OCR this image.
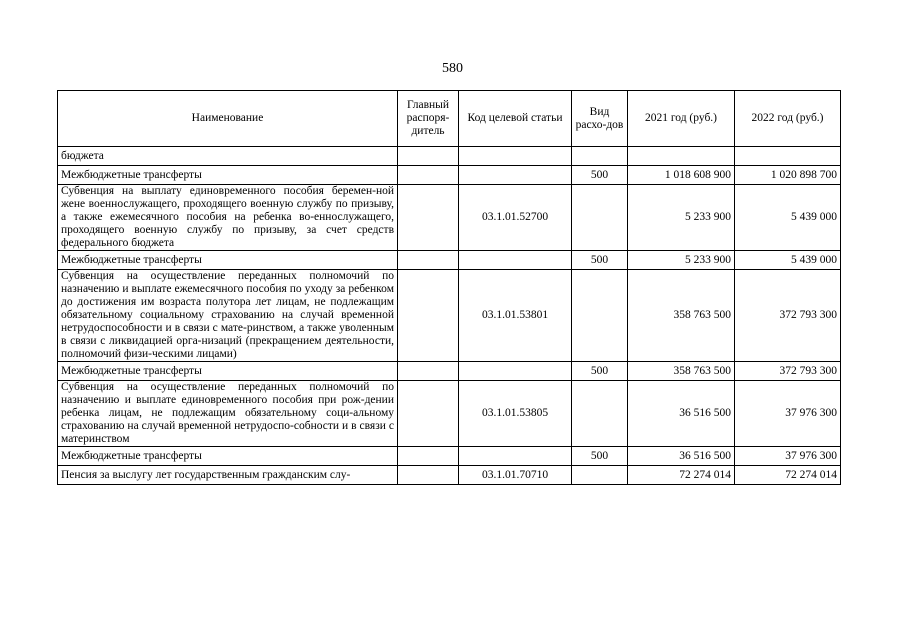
580
Наименование	Главный распоря-дитель	Код целевой статьи	Вид расхо-дов	2021 год (руб.)	2022 год (руб.)
бюджета					
Межбюджетные трансферты			500	1 018 608 900	1 020 898 700
Субвенция на выплату единовременного пособия беремен-ной жене военнослужащего, проходящего военную службу по призыву, а также ежемесячного пособия на ребенка во-еннослужащего, проходящего военную службу по призыву, за счет средств федерального бюджета		03.1.01.52700		5 233 900	5 439 000
Межбюджетные трансферты			500	5 233 900	5 439 000
Субвенция на осуществление переданных полномочий по назначению и выплате ежемесячного пособия по уходу за ребенком до достижения им возраста полутора лет лицам, не подлежащим обязательному социальному страхованию на случай временной нетрудоспособности и в связи с мате-ринством, а также уволенным в связи с ликвидацией орга-низаций (прекращением деятельности, полномочий физи-ческими лицами)		03.1.01.53801		358 763 500	372 793 300
Межбюджетные трансферты			500	358 763 500	372 793 300
Субвенция на осуществление переданных полномочий по назначению и выплате единовременного пособия при рож-дении ребенка лицам, не подлежащим обязательному соци-альному страхованию на случай временной нетрудоспо-собности и в связи с материнством		03.1.01.53805		36 516 500	37 976 300
Межбюджетные трансферты			500	36 516 500	37 976 300
Пенсия за выслугу лет государственным гражданским слу-		03.1.01.70710		72 274 014	72 274 014
